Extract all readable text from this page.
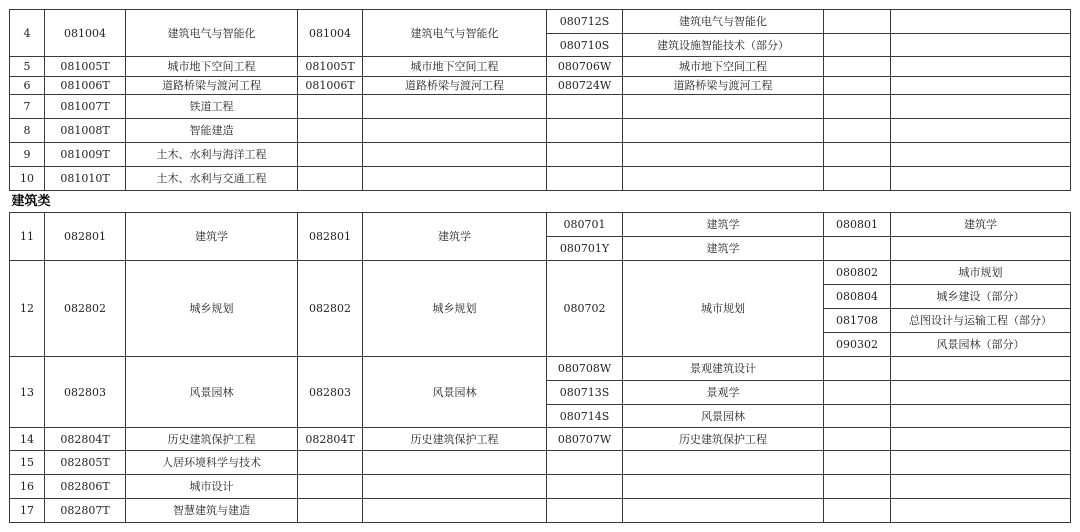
4	081004	建筑电气与智能化	081004	建筑电气与智能化	080712S	建筑电气与智能化		
					080710S	建筑设施智能技术（部分）		
5	081005T	城市地下空间工程	081005T	城市地下空间工程	080706W	城市地下空间工程		
6	081006T	道路桥梁与渡河工程	081006T	道路桥梁与渡河工程	080724W	道路桥梁与渡河工程		
7	081007T	铁道工程						
8	081008T	智能建造						
9	081009T	土木、水利与海洋工程						
10	081010T	土木、水利与交通工程						
建筑类								
11	082801	建筑学	082801	建筑学	080701	建筑学	080801	建筑学
					080701Y	建筑学		
12	082802	城乡规划	082802	城乡规划	080702	城市规划	080802	城市规划
							080804	城乡建设（部分）
							081708	总图设计与运输工程（部分）
							090302	风景园林（部分）
13	082803	风景园林	082803	风景园林	080708W	景观建筑设计		
					080713S	景观学		
					080714S	风景园林		
14	082804T	历史建筑保护工程	082804T	历史建筑保护工程	080707W	历史建筑保护工程		
15	082805T	人居环境科学与技术						
16	082806T	城市设计						
17	082807T	智慧建筑与建造						
